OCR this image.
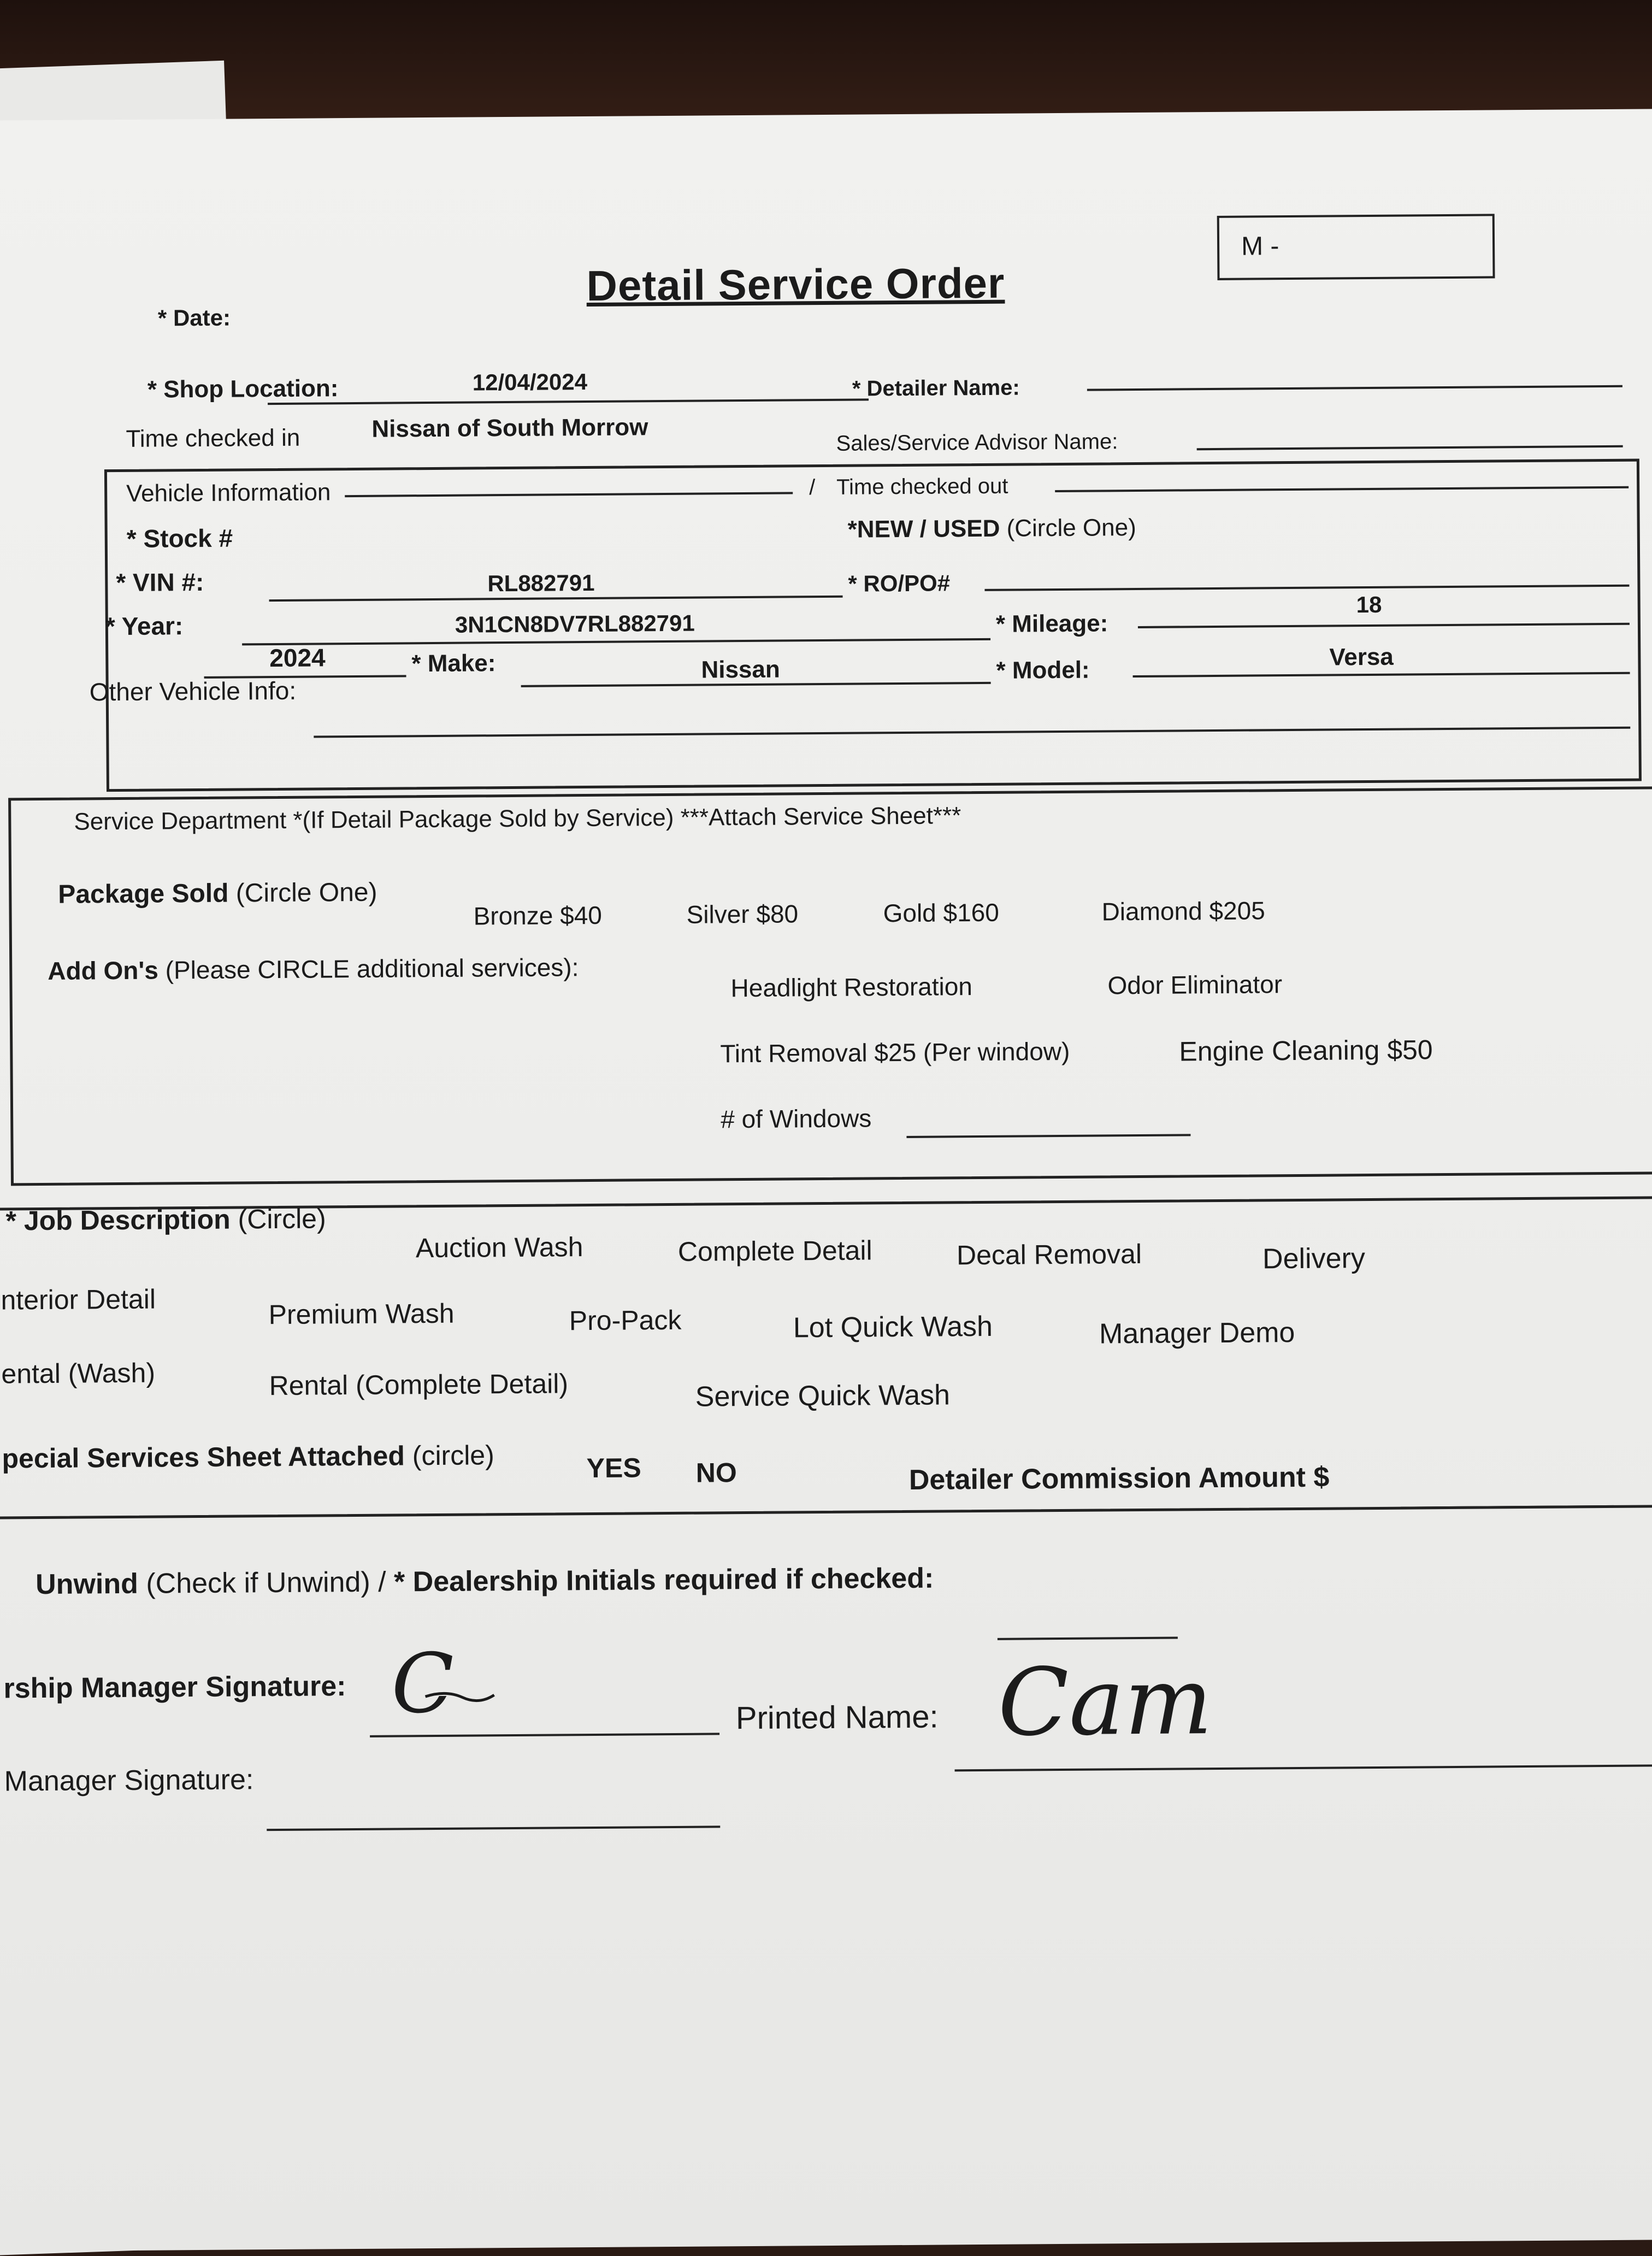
Detail Service Order
M -
* Date:
12/04/2024	* Detailer Name:
* Shop Location:
Nissan of South Morrow
Sales/Service Advisor Name:
Time checked in
/ Time checked out
Vehicle Information
*NEW / USED (Circle One)
* Stock #
RL882791	* RO/PO#
* VIN #:
3N1CN8DV7RL882791	* Mileage:
18
* Year:
2024	* Make:	Nissan	* Model:	Versa
Other Vehicle Info:
Service Department *(If Detail Package Sold by Service) ***Attach Service Sheet***
Package Sold (Circle One)
Bronze $40	Silver $80	Gold $160	Diamond $205
Add On's (Please CIRCLE additional services):
Headlight Restoration	Odor Eliminator
Tint Removal $25 (Per window)	Engine Cleaning $50
# of Windows
* Job Description (Circle)
Auction Wash	Complete Detail	Decal Removal	Delivery
nterior Detail	Premium Wash	Pro-Pack	Lot Quick Wash	Manager Demo
ental (Wash)	Rental (Complete Detail)	Service Quick Wash
pecial Services Sheet Attached (circle)	YES NO	Detailer Commission Amount $
Unwind (Check if Unwind) / * Dealership Initials required if checked:
rship Manager Signature: C	Printed Name: Cam
Manager Signature:
